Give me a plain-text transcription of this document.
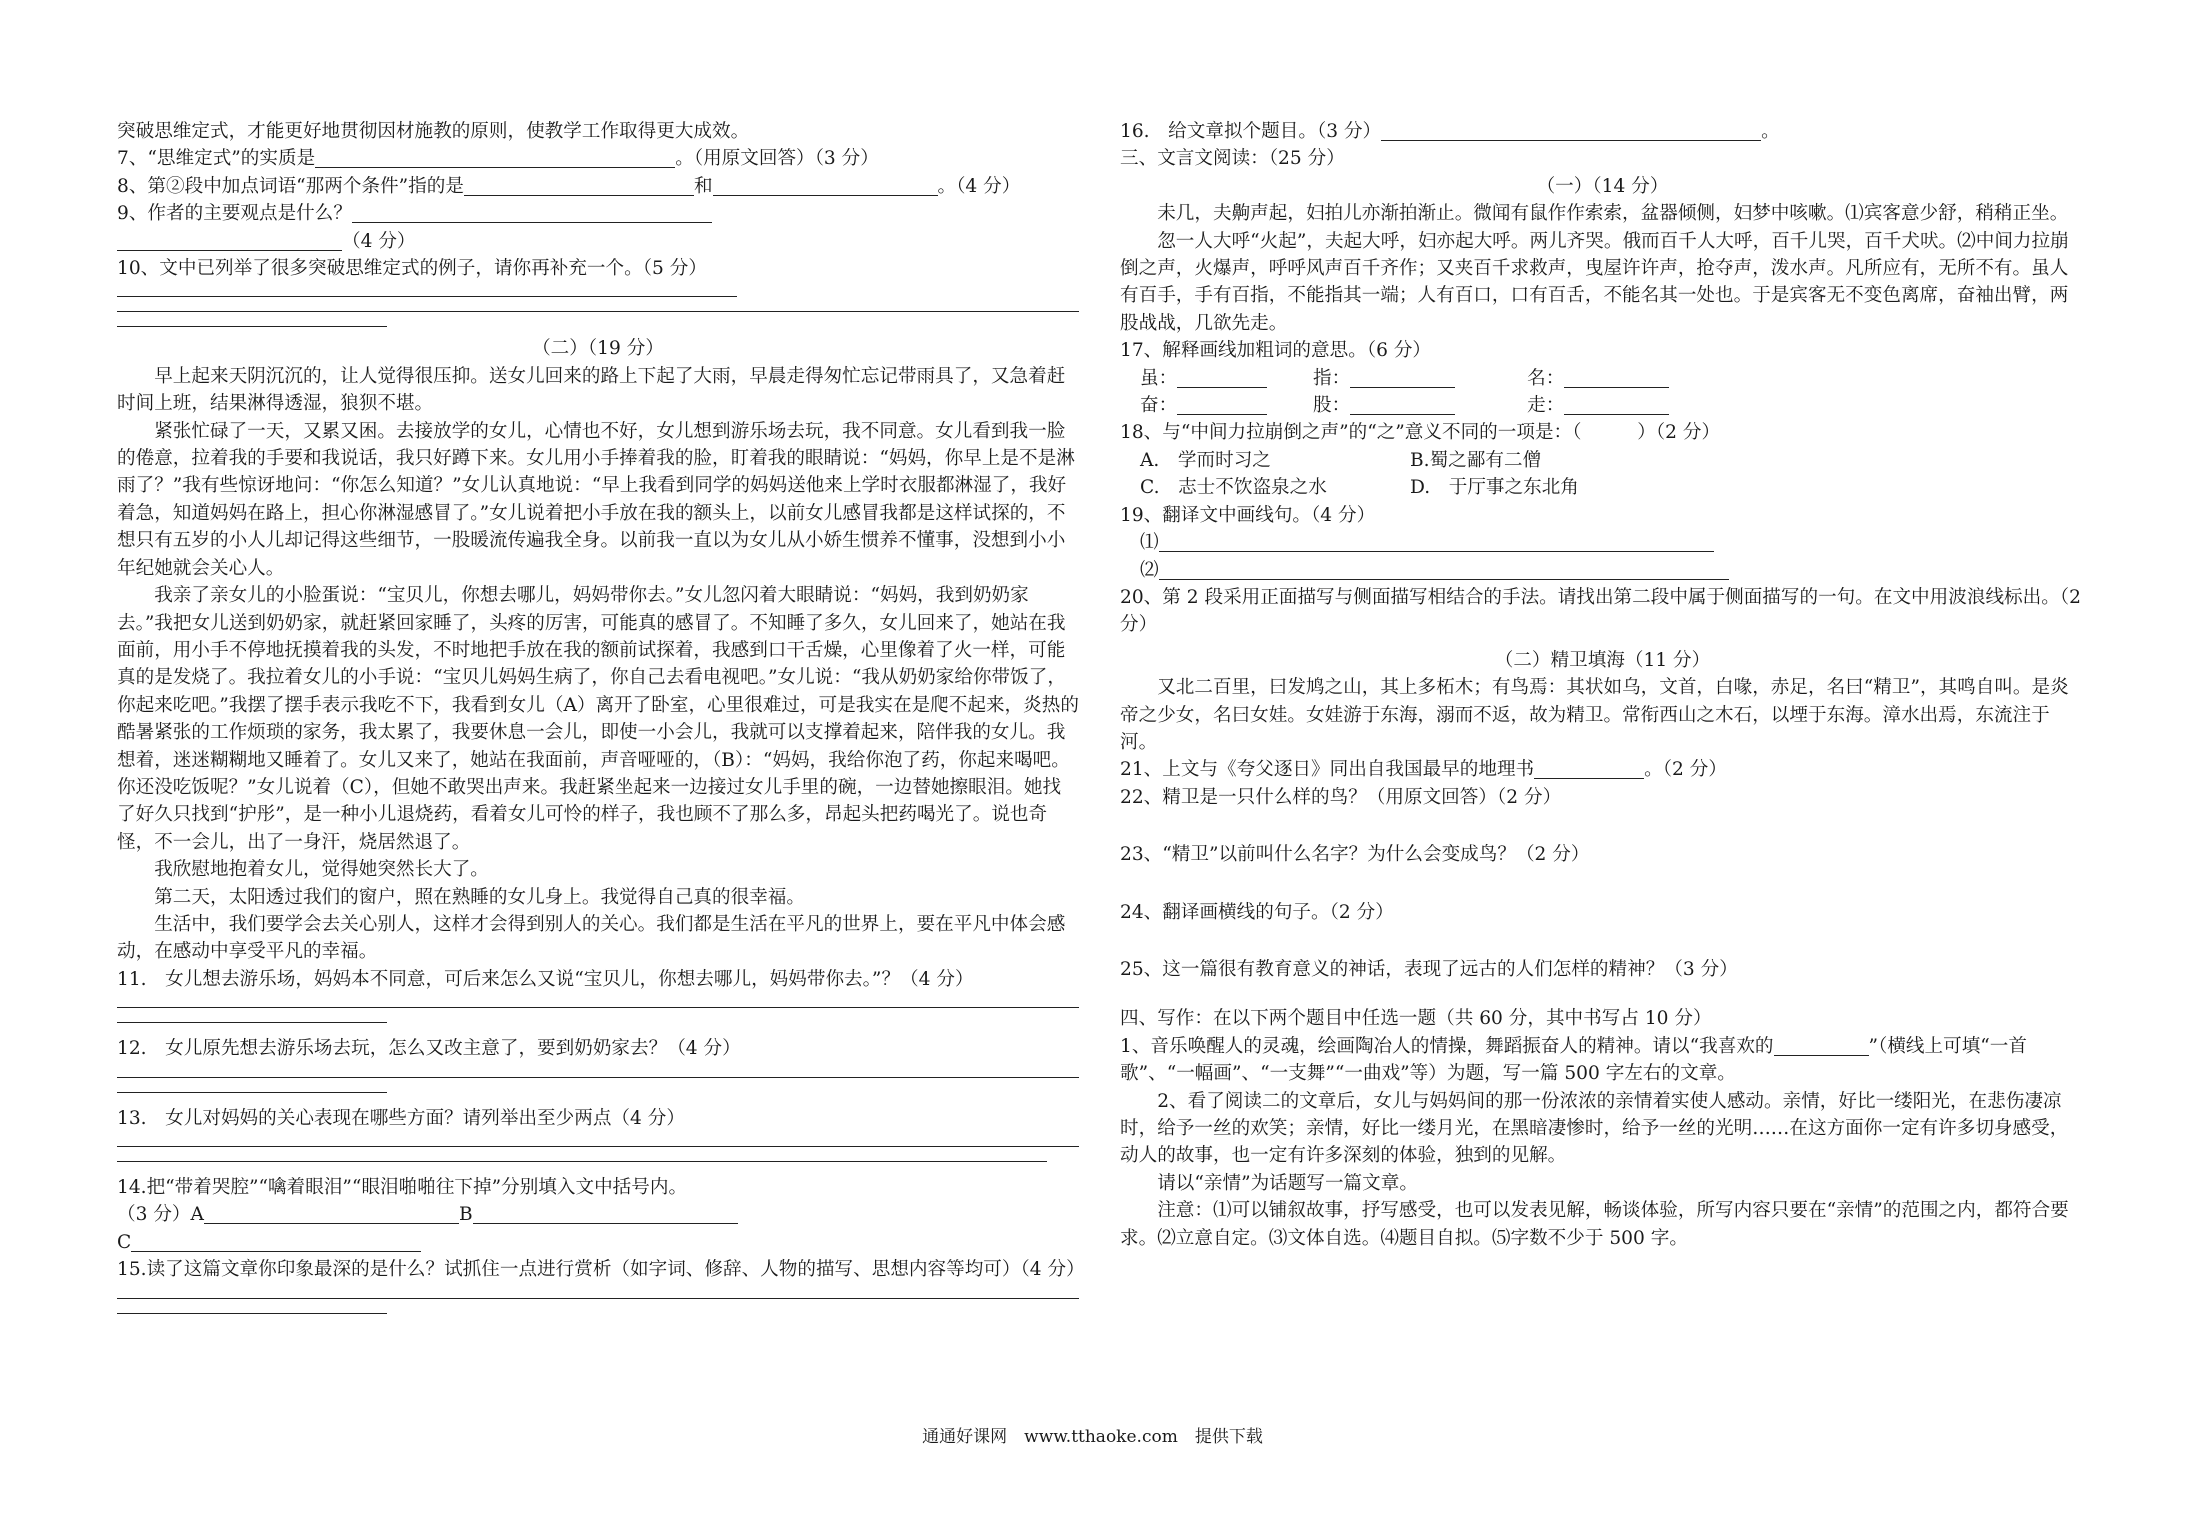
突破思维定式，才能更好地贯彻因材施教的原则，使教学工作取得更大成效。

7、“思维定式”的实质是	。（用原文回答）（3 分）

8、第②段中加点词语“那两个条件”指的是	和	。（4 分）

9、作者的主要观点是什么？

（4 分）

10、文中已列举了很多突破思维定式的例子，请你再补充一个。（5 分）

（二）（19 分）

早上起来天阴沉沉的，让人觉得很压抑。送女儿回来的路上下起了大雨，早晨走得匆忙忘记带雨具了，又急着赶时间上班，结果淋得透湿，狼狈不堪。

紧张忙碌了一天，又累又困。去接放学的女儿，心情也不好，女儿想到游乐场去玩，我不同意。女儿看到我一脸的倦意，拉着我的手要和我说话，我只好蹲下来。女儿用小手捧着我的脸，盯着我的眼睛说：“妈妈，你早上是不是淋雨了？”我有些惊讶地问：“你怎么知道？”女儿认真地说：“早上我看到同学的妈妈送他来上学时衣服都淋湿了，我好着急，知道妈妈在路上，担心你淋湿感冒了。”女儿说着把小手放在我的额头上，以前女儿感冒我都是这样试探的，不想只有五岁的小人儿却记得这些细节，一股暖流传遍我全身。以前我一直以为女儿从小娇生惯养不懂事，没想到小小年纪她就会关心人。

我亲了亲女儿的小脸蛋说：“宝贝儿，你想去哪儿，妈妈带你去。”女儿忽闪着大眼睛说：“妈妈，我到奶奶家去。”我把女儿送到奶奶家，就赶紧回家睡了，头疼的厉害，可能真的感冒了。不知睡了多久，女儿回来了，她站在我面前，用小手不停地抚摸着我的头发，不时地把手放在我的额前试探着，我感到口干舌燥，心里像着了火一样，可能真的是发烧了。我拉着女儿的小手说：“宝贝儿妈妈生病了，你自己去看电视吧。”女儿说：“我从奶奶家给你带饭了，你起来吃吧。”我摆了摆手表示我吃不下，我看到女儿（A）离开了卧室，心里很难过，可是我实在是爬不起来，炎热的酷暑紧张的工作烦琐的家务，我太累了，我要休息一会儿，即使一小会儿，我就可以支撑着起来，陪伴我的女儿。我想着，迷迷糊糊地又睡着了。女儿又来了，她站在我面前，声音哑哑的，（B）：“妈妈，我给你泡了药，你起来喝吧。你还没吃饭呢？”女儿说着（C），但她不敢哭出声来。我赶紧坐起来一边接过女儿手里的碗，一边替她擦眼泪。她找了好久只找到“护彤”，是一种小儿退烧药，看着女儿可怜的样子，我也顾不了那么多，昂起头把药喝光了。说也奇怪，不一会儿，出了一身汗，烧居然退了。

我欣慰地抱着女儿，觉得她突然长大了。

第二天，太阳透过我们的窗户，照在熟睡的女儿身上。我觉得自己真的很幸福。

生活中，我们要学会去关心别人，这样才会得到别人的关心。我们都是生活在平凡的世界上，要在平凡中体会感动，在感动中享受平凡的幸福。

11.　女儿想去游乐场，妈妈本不同意，可后来怎么又说“宝贝儿，你想去哪儿，妈妈带你去。”？（4 分）

12.　女儿原先想去游乐场去玩，怎么又改主意了，要到奶奶家去？（4 分）

13.　女儿对妈妈的关心表现在哪些方面？请列举出至少两点（4 分）

14.把“带着哭腔”“噙着眼泪”“眼泪啪啪往下掉”分别填入文中括号内。

（3 分）A	B

C

15.读了这篇文章你印象最深的是什么？试抓住一点进行赏析（如字词、修辞、人物的描写、思想内容等均可）（4 分）

16.　给文章拟个题目。（3 分）	。

三、文言文阅读：（25 分）

（一）（14 分）

未几，夫齁声起，妇拍儿亦渐拍渐止。微闻有鼠作作索索，盆器倾侧，妇梦中咳嗽。⑴宾客意少舒，稍稍正坐。

忽一人大呼“火起”，夫起大呼，妇亦起大呼。两儿齐哭。俄而百千人大呼，百千儿哭，百千犬吠。⑵中间力拉崩倒之声，火爆声，呼呼风声百千齐作；又夹百千求救声，曳屋许许声，抢夺声，泼水声。凡所应有，无所不有。虽人有百手，手有百指，不能指其一端；人有百口，口有百舌，不能名其一处也。于是宾客无不变色离席，奋袖出臂，两股战战，几欲先走。

17、解释画线加粗词的意思。（6 分）

虽：	指：	名：

奋：	股：	走：

18、与“中间力拉崩倒之声”的“之”意义不同的一项是：（　　　）（2 分）

A.　学而时习之	B.蜀之鄙有二僧

C.　志士不饮盗泉之水	D.　于厅事之东北角

19、翻译文中画线句。（4 分）

⑴

⑵

20、第 2 段采用正面描写与侧面描写相结合的手法。请找出第二段中属于侧面描写的一句。在文中用波浪线标出。（2 分）

（二）精卫填海（11 分）

又北二百里，曰发鸠之山，其上多柘木；有鸟焉：其状如乌，文首，白喙，赤足，名曰“精卫”，其鸣自叫。是炎帝之少女，名曰女娃。女娃游于东海，溺而不返，故为精卫。常衔西山之木石，以堙于东海。漳水出焉，东流注于河。

21、上文与《夸父逐日》同出自我国最早的地理书	。（2 分）

22、精卫是一只什么样的鸟？（用原文回答）（2 分）

23、“精卫”以前叫什么名字？为什么会变成鸟？（2 分）

24、翻译画横线的句子。（2 分）

25、这一篇很有教育意义的神话，表现了远古的人们怎样的精神？（3 分）

四、写作：在以下两个题目中任选一题（共 60 分，其中书写占 10 分）

1、音乐唤醒人的灵魂，绘画陶冶人的情操，舞蹈振奋人的精神。请以“我喜欢的	”（横线上可填“一首歌”、“一幅画”、“一支舞”“一曲戏”等）为题，写一篇 500 字左右的文章。

2、看了阅读二的文章后，女儿与妈妈间的那一份浓浓的亲情着实使人感动。亲情，好比一缕阳光，在悲伤凄凉时，给予一丝的欢笑；亲情，好比一缕月光，在黑暗凄惨时，给予一丝的光明……在这方面你一定有许多切身感受，动人的故事，也一定有许多深刻的体验，独到的见解。

请以“亲情”为话题写一篇文章。

注意：⑴可以铺叙故事，抒写感受，也可以发表见解，畅谈体验，所写内容只要在“亲情”的范围之内，都符合要求。⑵立意自定。⑶文体自选。⑷题目自拟。⑸字数不少于 500 字。

通通好课网　www.tthaoke.com　提供下载
